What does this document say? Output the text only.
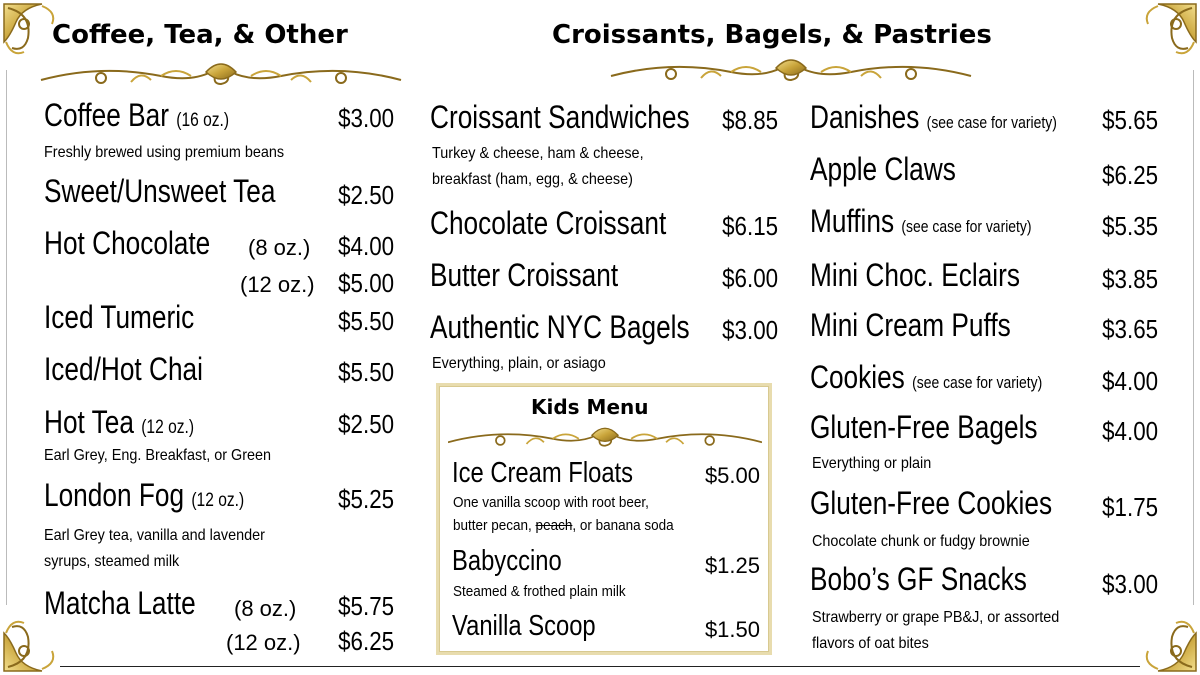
Coffee, Tea, & Other
Coffee Bar (16 oz.)	$3.00
Freshly brewed using premium beans
Sweet/Unsweet Tea $2.50
Hot Chocolate (8 oz.) $4.00
(12 oz.) $5.00
Iced Tumeric	$5.50
Iced/Hot Chai	$5.50
Hot Tea (12 oz.)	$2.50
Earl Grey, Eng. Breakfast, or Green
London Fog (12 oz.)	$5.25
Earl Grey tea, vanilla and lavender
syrups, steamed milk
Matcha Latte (8 oz.) $5.75
(12 oz.) $6.25
Croissants, Bagels, & Pastries
Croissant Sandwiches $8.85
Turkey & cheese, ham & cheese,
breakfast (ham, egg, & cheese)
Chocolate Croissant $6.15
Butter Croissant	$6.00
Authentic NYC Bagels $3.00
Everything, plain, or asiago
Danishes (see case for variety) $5.65
Apple Claws	$6.25
Muffins (see case for variety)	$5.35
Mini Choc. Eclairs	$3.85
Mini Cream Puffs	$3.65
Cookies (see case for variety) $4.00
Gluten-Free Bagels $4.00
Everything or plain
Gluten-Free Cookies $1.75
Chocolate chunk or fudgy brownie
Bobo’s GF Snacks	$3.00
Strawberry or grape PB&J, or assorted
flavors of oat bites
Kids Menu
Ice Cream Floats	$5.00
One vanilla scoop with root beer,
butter pecan, peach, or banana soda
Babyccino	$1.25
Steamed & frothed plain milk
Vanilla Scoop	$1.50
